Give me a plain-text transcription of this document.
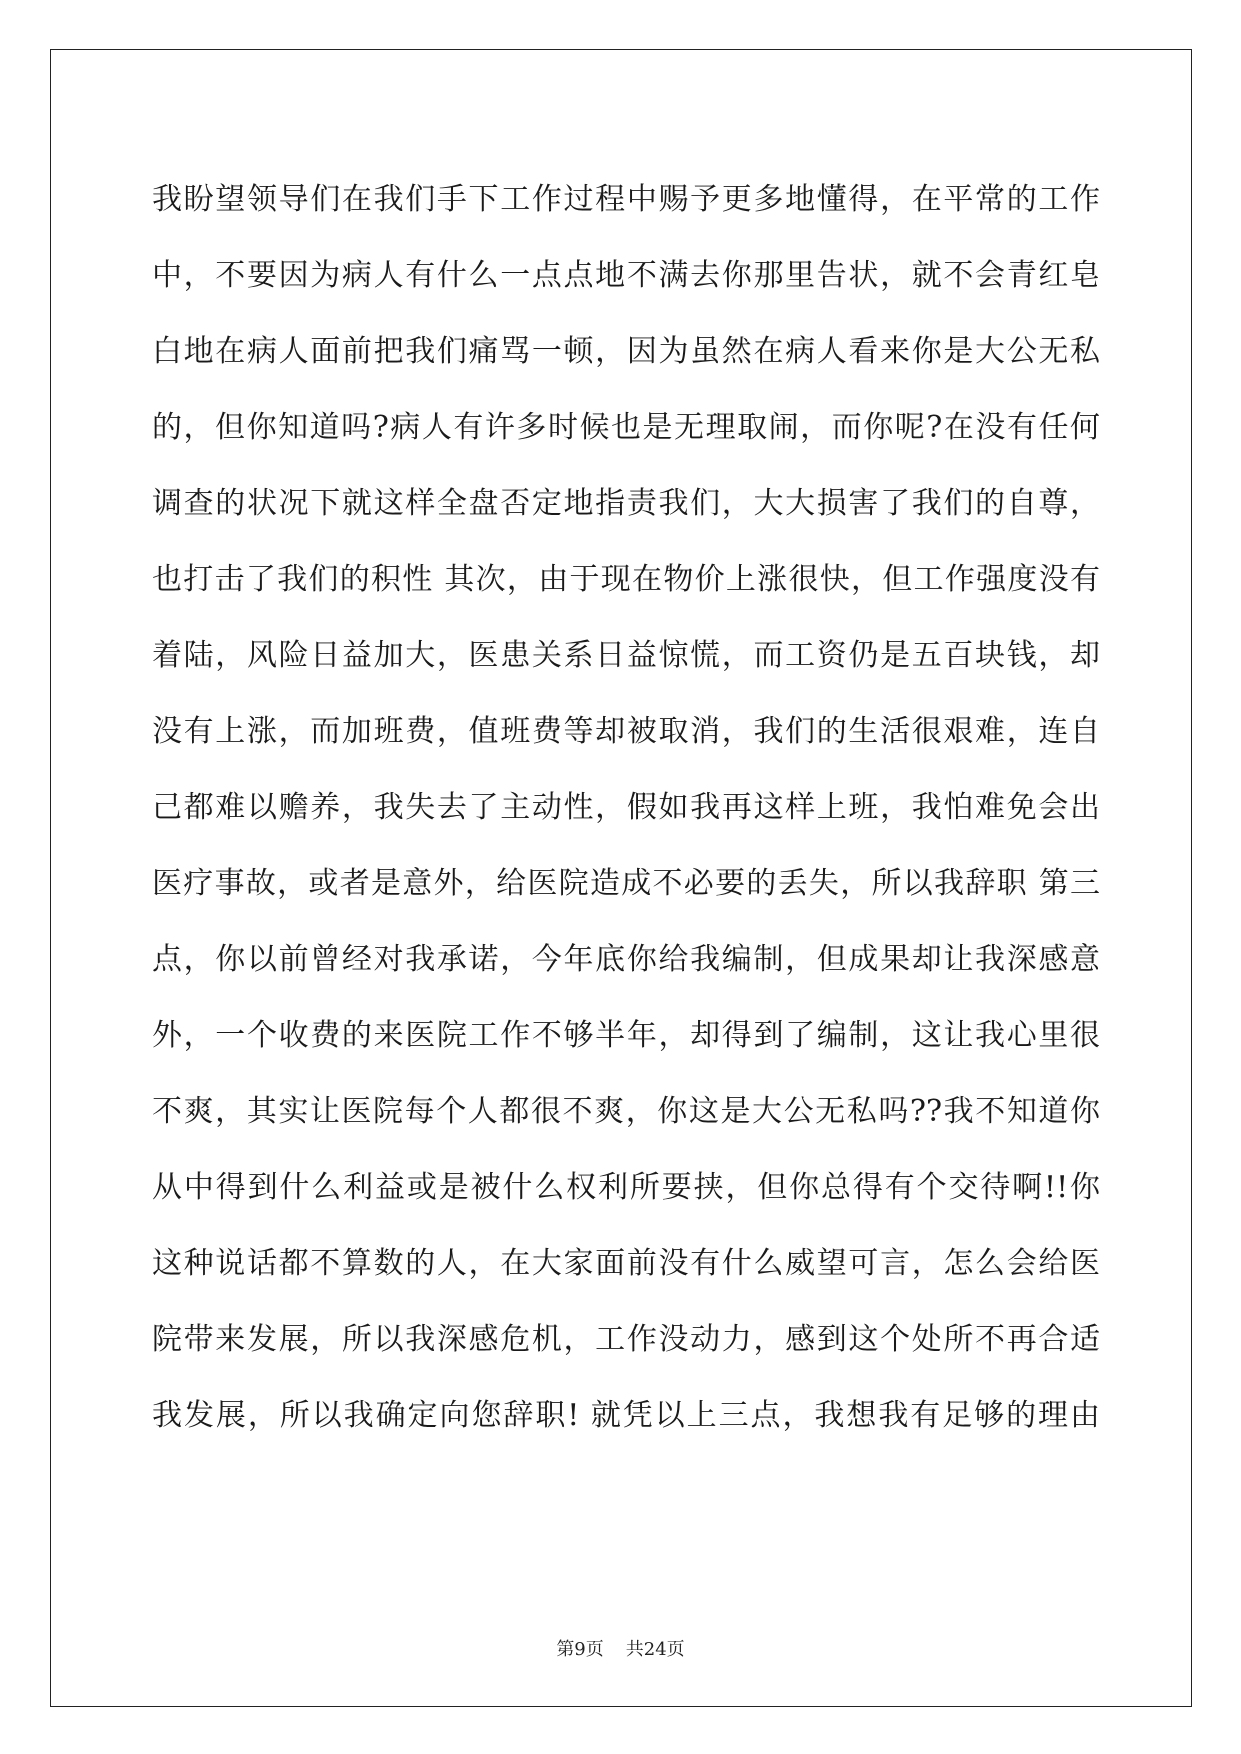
我盼望领导们在我们手下工作过程中赐予更多地懂得，在平常的工作
中，不要因为病人有什么一点点地不满去你那里告状，就不会青红皂
白地在病人面前把我们痛骂一顿，因为虽然在病人看来你是大公无私
的，但你知道吗?病人有许多时候也是无理取闹，而你呢?在没有任何
调查的状况下就这样全盘否定地指责我们，大大损害了我们的自尊，
也打击了我们的积性 其次，由于现在物价上涨很快，但工作强度没有
着陆，风险日益加大，医患关系日益惊慌，而工资仍是五百块钱，却
没有上涨，而加班费，值班费等却被取消，我们的生活很艰难，连自
己都难以赡养，我失去了主动性，假如我再这样上班，我怕难免会出
医疗事故，或者是意外，给医院造成不必要的丢失，所以我辞职 第三
点，你以前曾经对我承诺，今年底你给我编制，但成果却让我深感意
外，一个收费的来医院工作不够半年，却得到了编制，这让我心里很
不爽，其实让医院每个人都很不爽，你这是大公无私吗??我不知道你
从中得到什么利益或是被什么权利所要挟，但你总得有个交待啊!!你
这种说话都不算数的人，在大家面前没有什么威望可言，怎么会给医
院带来发展，所以我深感危机，工作没动力，感到这个处所不再合适
我发展，所以我确定向您辞职! 就凭以上三点，我想我有足够的理由
第9页 共24页
